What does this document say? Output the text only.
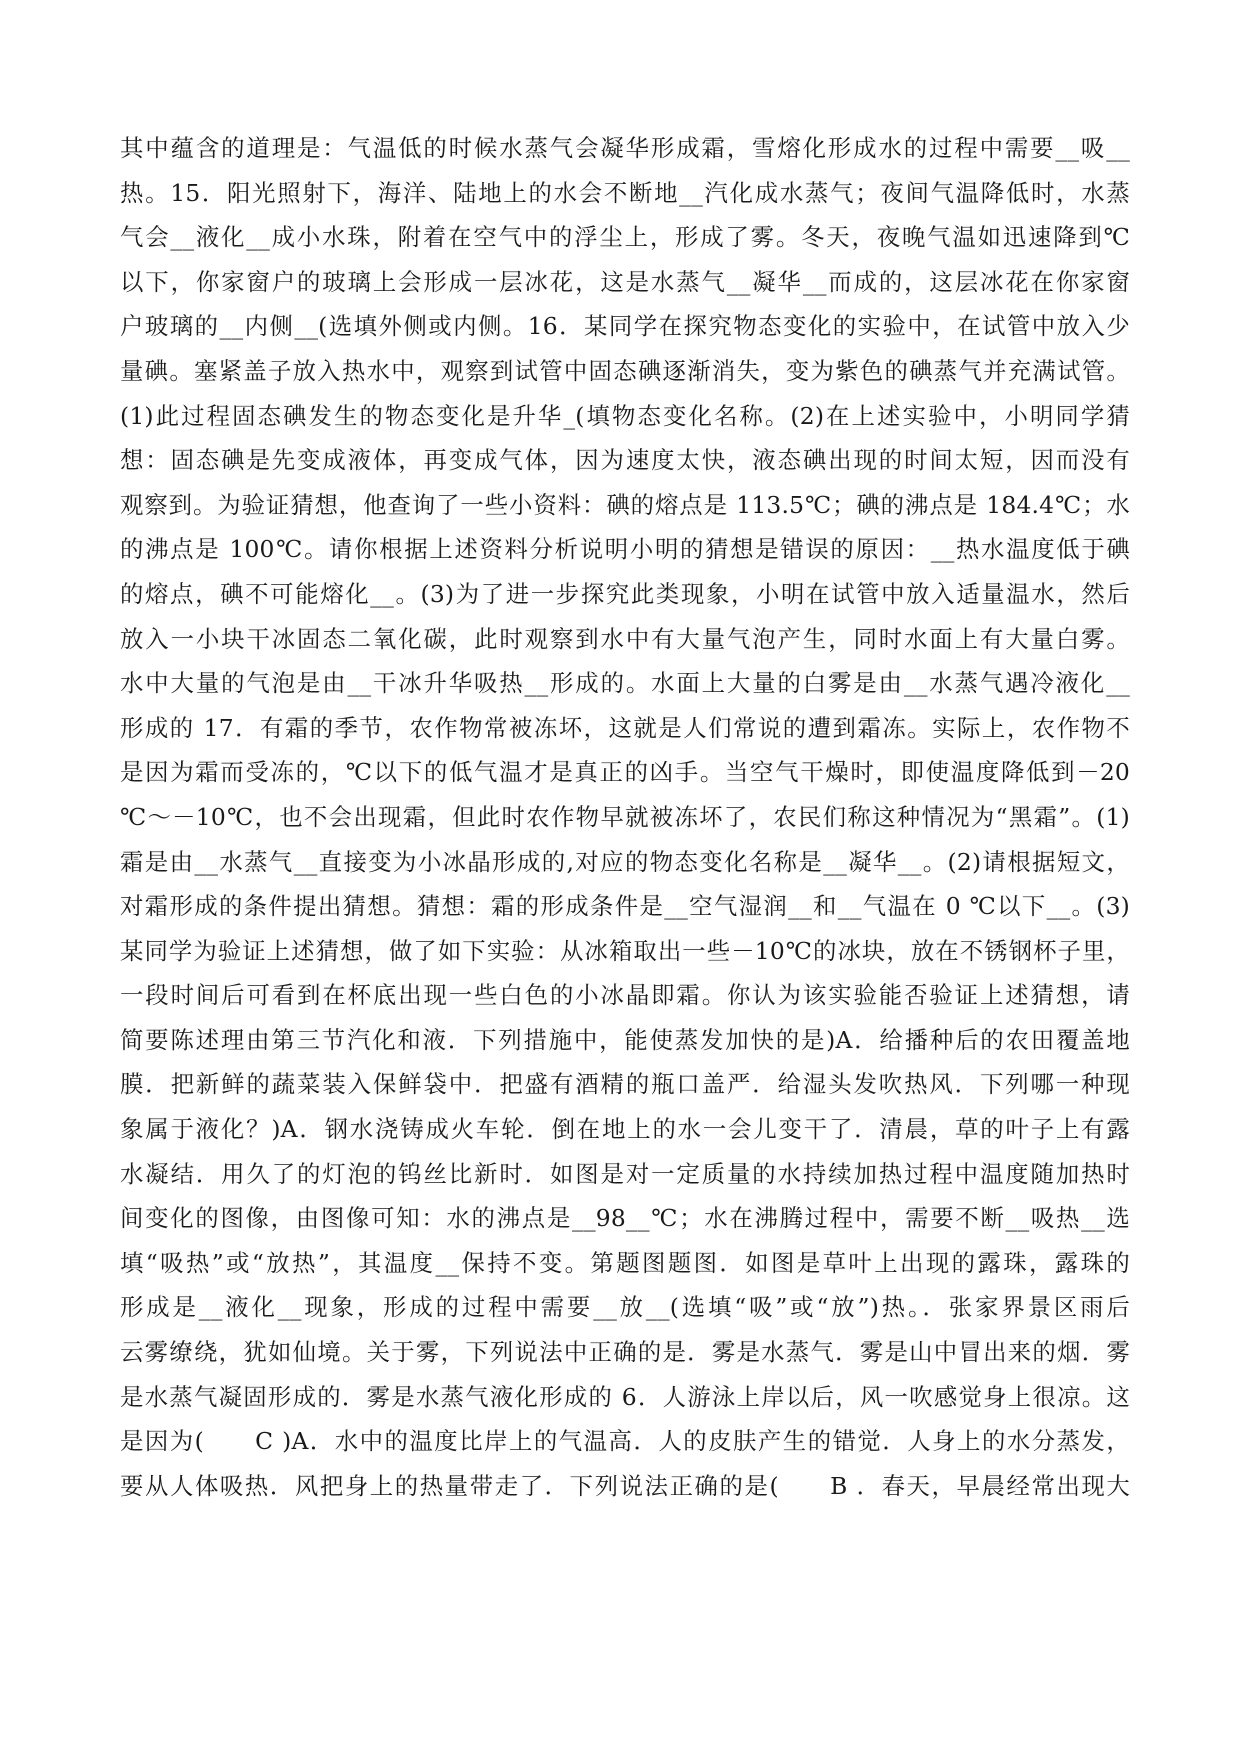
其中蕴含的道理是：气温低的时候水蒸气会凝华形成霜，雪熔化形成水的过程中需要__吸__
热。15．阳光照射下，海洋、陆地上的水会不断地__汽化成水蒸气；夜间气温降低时，水蒸
气会__液化__成小水珠，附着在空气中的浮尘上，形成了雾。冬天，夜晚气温如迅速降到℃
以下，你家窗户的玻璃上会形成一层冰花，这是水蒸气__凝华__而成的，这层冰花在你家窗
户玻璃的__内侧__(选填外侧或内侧。16．某同学在探究物态变化的实验中，在试管中放入少
量碘。塞紧盖子放入热水中，观察到试管中固态碘逐渐消失，变为紫色的碘蒸气并充满试管。
(1)此过程固态碘发生的物态变化是升华_(填物态变化名称。(2)在上述实验中，小明同学猜
想：固态碘是先变成液体，再变成气体，因为速度太快，液态碘出现的时间太短，因而没有
观察到。为验证猜想，他查询了一些小资料：碘的熔点是 113.5℃；碘的沸点是 184.4℃；水
的沸点是 100℃。请你根据上述资料分析说明小明的猜想是错误的原因：__热水温度低于碘
的熔点，碘不可能熔化__。(3)为了进一步探究此类现象，小明在试管中放入适量温水，然后
放入一小块干冰固态二氧化碳，此时观察到水中有大量气泡产生，同时水面上有大量白雾。
水中大量的气泡是由__干冰升华吸热__形成的。水面上大量的白雾是由__水蒸气遇冷液化__
形成的 17．有霜的季节，农作物常被冻坏，这就是人们常说的遭到霜冻。实际上，农作物不
是因为霜而受冻的，℃以下的低气温才是真正的凶手。当空气干燥时，即使温度降低到－20
℃～－10℃，也不会出现霜，但此时农作物早就被冻坏了，农民们称这种情况为“黑霜”。(1)
霜是由__水蒸气__直接变为小冰晶形成的,对应的物态变化名称是__凝华__。(2)请根据短文，
对霜形成的条件提出猜想。猜想：霜的形成条件是__空气湿润__和__气温在 0 ℃以下__。(3)
某同学为验证上述猜想，做了如下实验：从冰箱取出一些－10℃的冰块，放在不锈钢杯子里，
一段时间后可看到在杯底出现一些白色的小冰晶即霜。你认为该实验能否验证上述猜想，请
简要陈述理由第三节汽化和液．下列措施中，能使蒸发加快的是)A．给播种后的农田覆盖地
膜．把新鲜的蔬菜装入保鲜袋中．把盛有酒精的瓶口盖严．给湿头发吹热风．下列哪一种现
象属于液化？)A．钢水浇铸成火车轮．倒在地上的水一会儿变干了．清晨，草的叶子上有露
水凝结．用久了的灯泡的钨丝比新时．如图是对一定质量的水持续加热过程中温度随加热时
间变化的图像，由图像可知：水的沸点是__98__℃；水在沸腾过程中，需要不断__吸热__选
填“吸热”或“放热”，其温度__保持不变。第题图题图．如图是草叶上出现的露珠，露珠的
形成是__液化__现象，形成的过程中需要__放__(选填“吸”或“放”)热。．张家界景区雨后
云雾缭绕，犹如仙境。关于雾，下列说法中正确的是．雾是水蒸气．雾是山中冒出来的烟．雾
是水蒸气凝固形成的．雾是水蒸气液化形成的 6．人游泳上岸以后，风一吹感觉身上很凉。这
是因为(　　C )A．水中的温度比岸上的气温高．人的皮肤产生的错觉．人身上的水分蒸发，
要从人体吸热．风把身上的热量带走了．下列说法正确的是(　　B ．春天，早晨经常出现大
